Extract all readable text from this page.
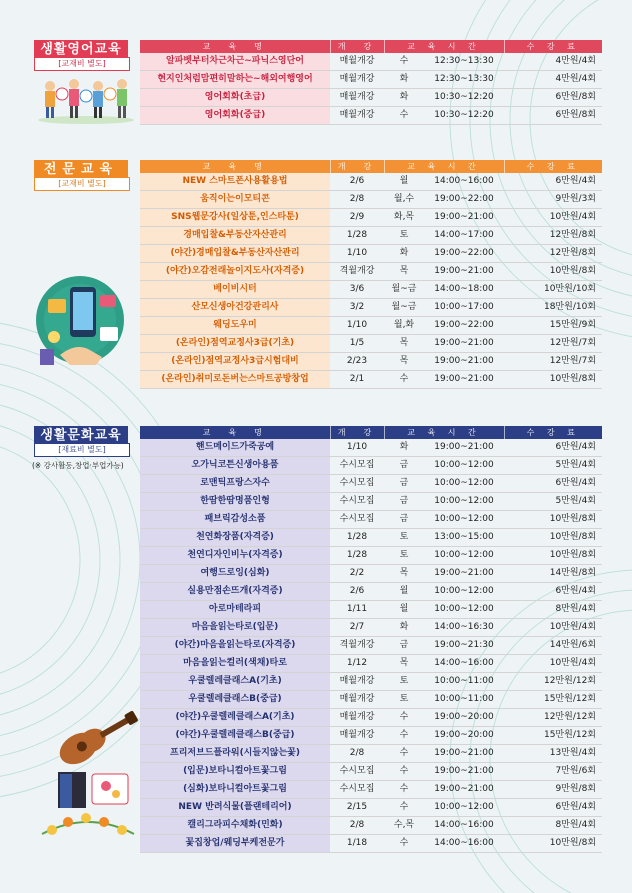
생활영어교육
[교재비 별도]
교　육　명	개　강	교 육 시 간		수 강 료
알파벳부터차근차근~파닉스영단어	매월개강	수	12:30~13:30	4만원/4회
현지인처럼맘편히말하는~해외여행영어	매월개강	화	12:30~13:30	4만원/4회
영어회화(초급)	매월개강	화	10:30~12:20	6만원/8회
영어회화(중급)	매월개강	수	10:30~12:20	6만원/8회
전문교육
[교재비 별도]
교　육　명	개　강	교 육 시 간		수 강 료
NEW 스마트폰사용활용법	2/6	월	14:00~16:00	6만원/4회
움직이는이모티콘	2/8	월,수	19:00~22:00	9만원/3회
SNS웹문강사(일상툰,인스타툰)	2/9	화,목	19:00~21:00	10만원/4회
경매입찰&부동산자산관리	1/28	토	14:00~17:00	12만원/8회
(야간)경매입찰&부동산자산관리	1/10	화	19:00~22:00	12만원/8회
(야간)오감전래놀이지도사(자격증)	격월개강	목	19:00~21:00	10만원/8회
베이비시터	3/6	월~금	14:00~18:00	10만원/10회
산모신생아건강관리사	3/2	월~금	10:00~17:00	18만원/10회
웨딩도우미	1/10	월,화	19:00~22:00	15만원/9회
(온라인)점역교정사3급(기초)	1/5	목	19:00~21:00	12만원/7회
(온라인)점역교정사3급시험대비	2/23	목	19:00~21:00	12만원/7회
(온라인)취미로돈버는스마트공방창업	2/1	수	19:00~21:00	10만원/8회
생활문화교육
[재료비 별도]
(※ 강사활동,창업·부업가능)
교　육　명	개　강	교 육 시 간		수 강 료
핸드메이드가죽공예	1/10	화	19:00~21:00	6만원/4회
오가닉코튼신생아용품	수시모집	금	10:00~12:00	5만원/4회
로맨틱프랑스자수	수시모집	금	10:00~12:00	6만원/4회
한땀한땀명품인형	수시모집	금	10:00~12:00	5만원/4회
패브릭감성소품	수시모집	금	10:00~12:00	10만원/8회
천연화장품(자격증)	1/28	토	13:00~15:00	10만원/8회
천연디자인비누(자격증)	1/28	토	10:00~12:00	10만원/8회
여행드로잉(심화)	2/2	목	19:00~21:00	14만원/8회
실용만점손뜨개(자격증)	2/6	월	10:00~12:00	6만원/4회
아로마테라피	1/11	월	10:00~12:00	8만원/4회
마음을읽는타로(입문)	2/7	화	14:00~16:30	10만원/4회
(야간)마음을읽는타로(자격증)	격월개강	금	19:00~21:30	14만원/6회
마음을읽는컬러(색채)타로	1/12	목	14:00~16:00	10만원/4회
우쿨렐레클래스A(기초)	매월개강	토	10:00~11:00	12만원/12회
우쿨렐레클래스B(중급)	매월개강	토	10:00~11:00	15만원/12회
(야간)우쿨렐레클래스A(기초)	매월개강	수	19:00~20:00	12만원/12회
(야간)우쿨렐레클래스B(중급)	매월개강	수	19:00~20:00	15만원/12회
프리저브드플라워(시들지않는꽃)	2/8	수	19:00~21:00	13만원/4회
(입문)보타니컬아트꽃그림	수시모집	수	19:00~21:00	7만원/6회
(심화)보타니컬아트꽃그림	수시모집	수	19:00~21:00	9만원/8회
NEW 반려식물(플랜테리어)	2/15	수	10:00~12:00	6만원/4회
캘리그라피수채화(민화)	2/8	수,목	14:00~16:00	8만원/4회
꽃집창업/웨딩부케전문가	1/18	수	14:00~16:00	10만원/8회
